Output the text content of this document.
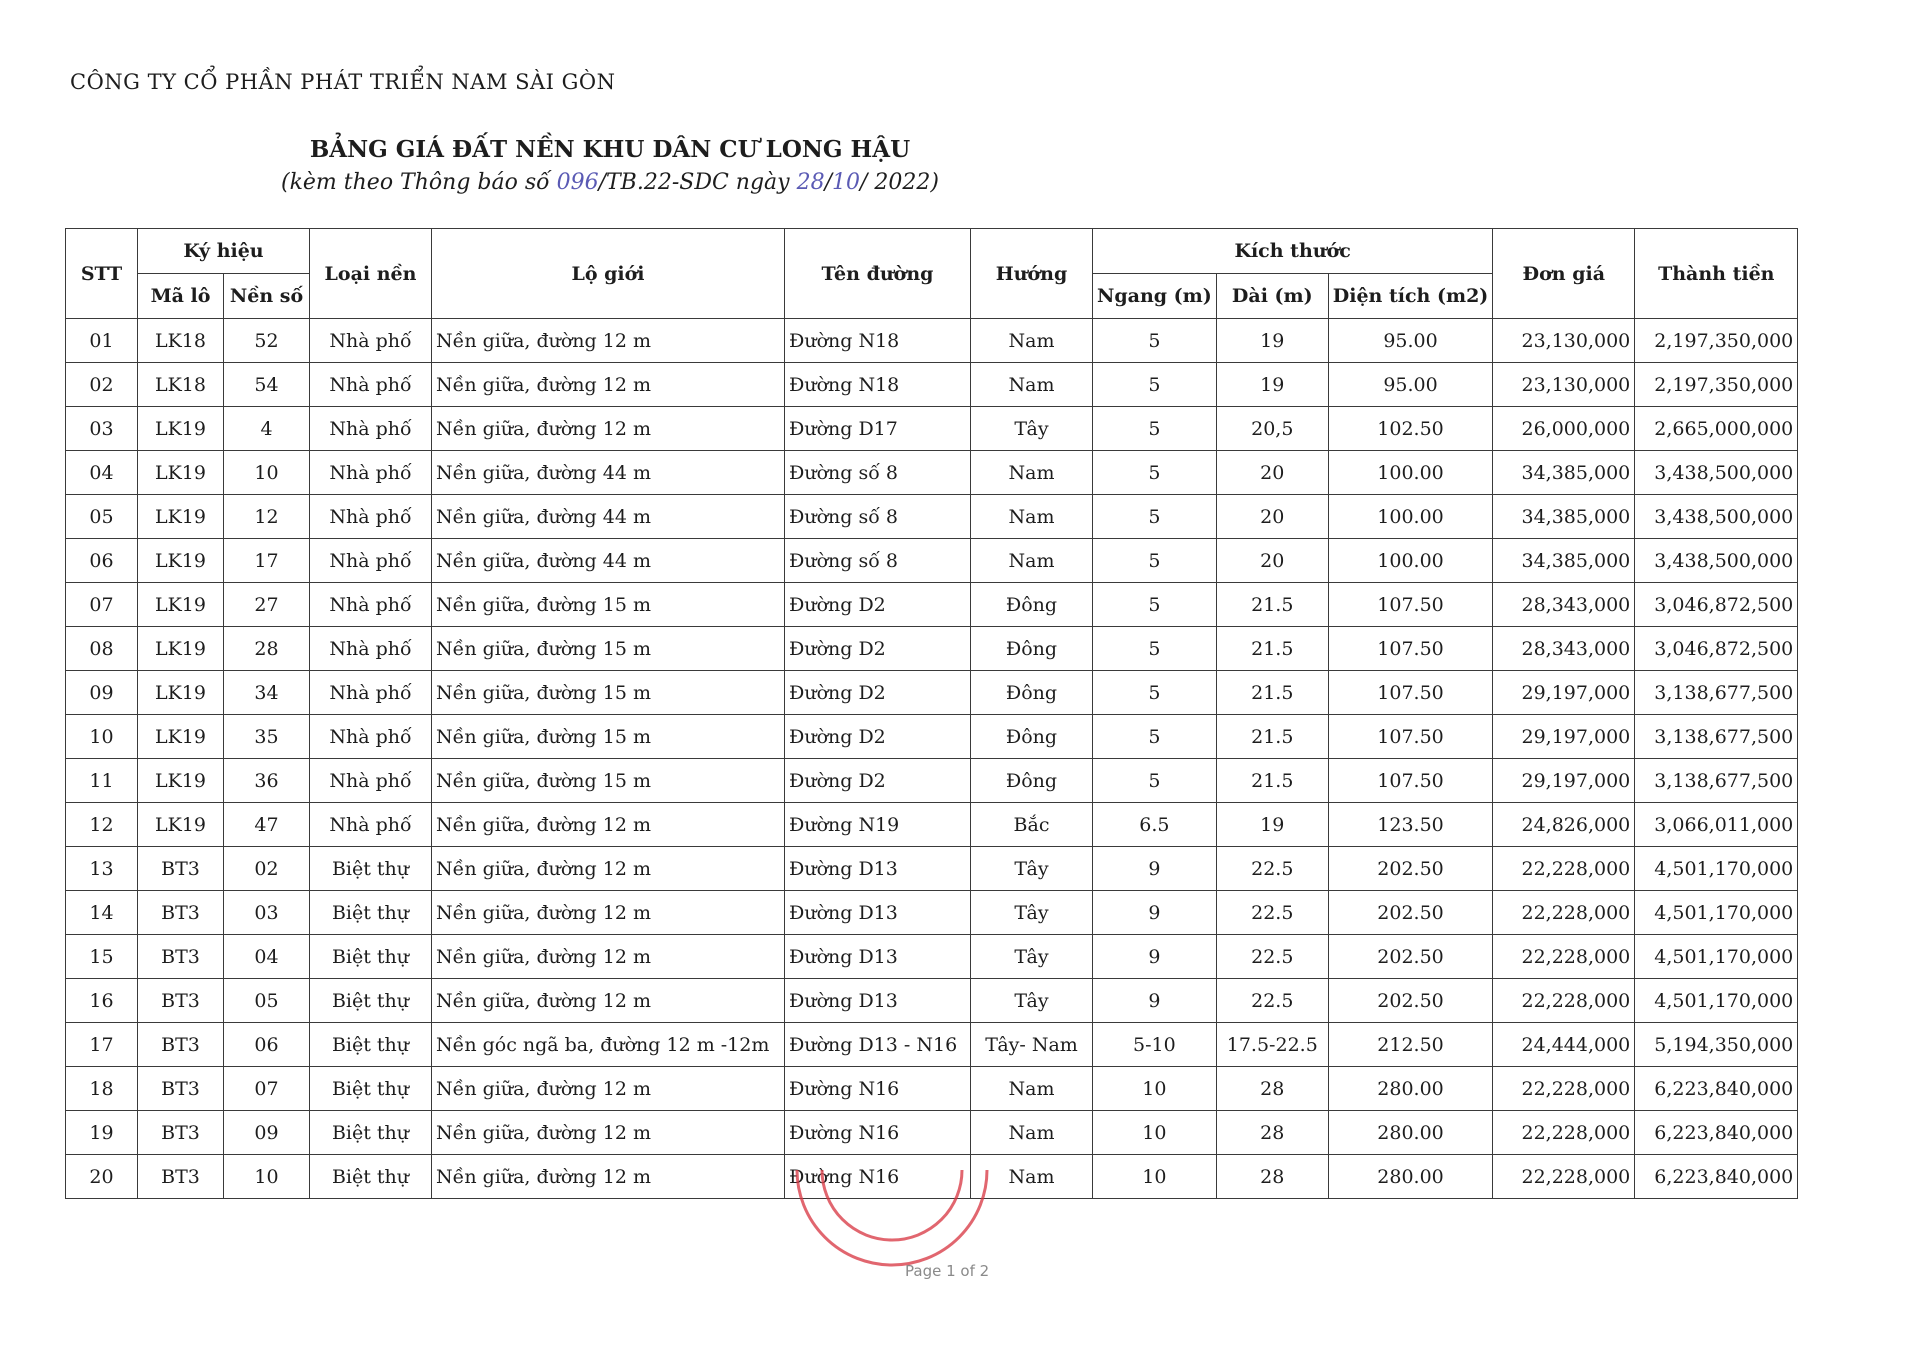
CÔNG TY CỔ PHẦN PHÁT TRIỂN NAM SÀI GÒN
BẢNG GIÁ ĐẤT NỀN KHU DÂN CƯ LONG HẬU
(kèm theo Thông báo số 096/TB.22-SDC ngày 28/10/ 2022)
STT	Ký hiệu		Loại nền	Lộ giới	Tên đường	Hướng	Kích thước			Đơn giá	Thành tiền
	Mã lô	Nền số					Ngang (m)	Dài (m)	Diện tích (m2)		
01	LK18	52	Nhà phố	Nền giữa, đường 12 m	Đường N18	Nam	5	19	95.00	23,130,000	2,197,350,000
02	LK18	54	Nhà phố	Nền giữa, đường 12 m	Đường N18	Nam	5	19	95.00	23,130,000	2,197,350,000
03	LK19	4	Nhà phố	Nền giữa, đường 12 m	Đường D17	Tây	5	20,5	102.50	26,000,000	2,665,000,000
04	LK19	10	Nhà phố	Nền giữa, đường 44 m	Đường số 8	Nam	5	20	100.00	34,385,000	3,438,500,000
05	LK19	12	Nhà phố	Nền giữa, đường 44 m	Đường số 8	Nam	5	20	100.00	34,385,000	3,438,500,000
06	LK19	17	Nhà phố	Nền giữa, đường 44 m	Đường số 8	Nam	5	20	100.00	34,385,000	3,438,500,000
07	LK19	27	Nhà phố	Nền giữa, đường 15 m	Đường D2	Đông	5	21.5	107.50	28,343,000	3,046,872,500
08	LK19	28	Nhà phố	Nền giữa, đường 15 m	Đường D2	Đông	5	21.5	107.50	28,343,000	3,046,872,500
09	LK19	34	Nhà phố	Nền giữa, đường 15 m	Đường D2	Đông	5	21.5	107.50	29,197,000	3,138,677,500
10	LK19	35	Nhà phố	Nền giữa, đường 15 m	Đường D2	Đông	5	21.5	107.50	29,197,000	3,138,677,500
11	LK19	36	Nhà phố	Nền giữa, đường 15 m	Đường D2	Đông	5	21.5	107.50	29,197,000	3,138,677,500
12	LK19	47	Nhà phố	Nền giữa, đường 12 m	Đường N19	Bắc	6.5	19	123.50	24,826,000	3,066,011,000
13	BT3	02	Biệt thự	Nền giữa, đường 12 m	Đường D13	Tây	9	22.5	202.50	22,228,000	4,501,170,000
14	BT3	03	Biệt thự	Nền giữa, đường 12 m	Đường D13	Tây	9	22.5	202.50	22,228,000	4,501,170,000
15	BT3	04	Biệt thự	Nền giữa, đường 12 m	Đường D13	Tây	9	22.5	202.50	22,228,000	4,501,170,000
16	BT3	05	Biệt thự	Nền giữa, đường 12 m	Đường D13	Tây	9	22.5	202.50	22,228,000	4,501,170,000
17	BT3	06	Biệt thự	Nền góc ngã ba, đường 12 m -12m	Đường D13 - N16	Tây- Nam	5-10	17.5-22.5	212.50	24,444,000	5,194,350,000
18	BT3	07	Biệt thự	Nền giữa, đường 12 m	Đường N16	Nam	10	28	280.00	22,228,000	6,223,840,000
19	BT3	09	Biệt thự	Nền giữa, đường 12 m	Đường N16	Nam	10	28	280.00	22,228,000	6,223,840,000
20	BT3	10	Biệt thự	Nền giữa, đường 12 m	Đường N16	Nam	10	28	280.00	22,228,000	6,223,840,000
Page 1 of 2
